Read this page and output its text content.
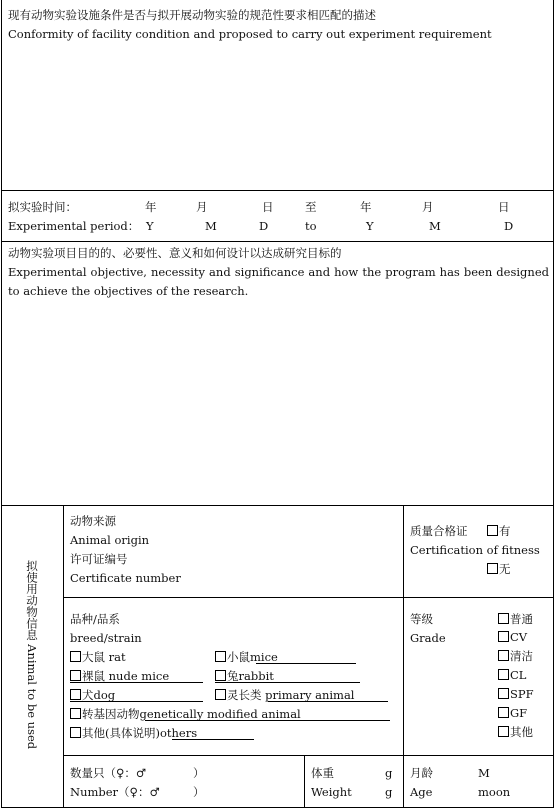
现有动物实验设施条件是否与拟开展动物实验的规范性要求相匹配的描述
Conformity of facility condition and proposed to carry out experiment requirement
拟实验时间：
Experimental period：
年	月	日	至	年	月	日
Y	M	D	to	Y	M	D
动物实验项目目的的、必要性、意义和如何设计以达成研究目标的
Experimental objective, necessity and significance and how the program has been designed to achieve the objectives of the research.
拟使用动物信息 Animal to be used
动物来源
Animal origin
许可证编号
Certificate number
质量合格证	有
Certification of fitness
无
品种/品系
breed/strain
大鼠 rat	小鼠mice
裸鼠 nude mice	兔rabbit
犬dog	灵长类 primary animal
转基因动物genetically modified animal
其他(具体说明)others
等级
Grade
普通
CV
清洁
CL
SPF
GF
其他
数量只（♀：♂	）
Number（♀：♂	）
体重	g
Weight	g
月龄	M
Age	moon
